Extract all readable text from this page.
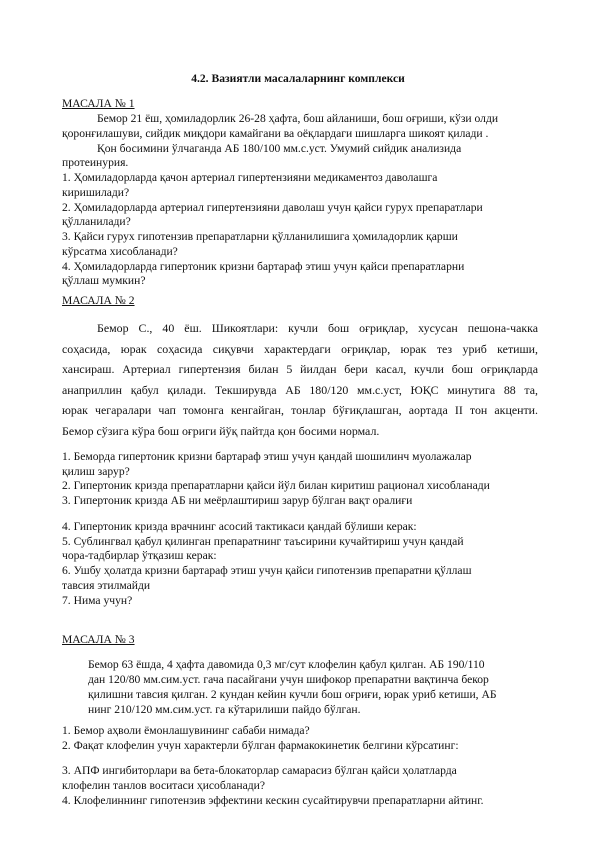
4.2. Вазиятли масалаларнинг комплекси
МАСАЛА № 1
Бемор 21 ёш, ҳомиладорлик 26-28 ҳафта, бош айланиши, бош оғриши, кўзи олди
қоронғилашуви, сийдик миқдори камайгани ва оёқлардаги шишларга шикоят қилади .
Қон босимини ўлчаганда АБ 180/100 мм.с.уст. Умумий сийдик анализида
протеинурия.
1. Ҳомиладорларда қачон артериал гипертензияни медикаментоз даволашга
киришилади?
2. Ҳомиладорларда артериал гипертензияни даволаш учун қайси гурух препаратлари
қўлланилади?
3. Қайси гурух гипотензив препаратларни қўлланилишига ҳомиладорлик қарши
кўрсатма хисобланади?
4. Ҳомиладорларда гипертоник кризни бартараф этиш учун қайси препаратларни
қўллаш мумкин?
МАСАЛА № 2
Бемор С., 40 ёш. Шикоятлари: кучли бош оғриқлар, хусусан пешона-чакка
соҳасида, юрак соҳасида сиқувчи характердаги оғриқлар, юрак тез уриб кетиши,
хансираш. Артериал гипертензия билан 5 йилдан бери касал, кучли бош оғриқларда
анаприллин қабул қилади. Текширувда АБ 180/120 мм.с.уст, ЮҚС минутига 88 та,
юрак чегаралари чап томонга кенгайган, тонлар бўғиқлашган, аортада II тон акценти.
Бемор сўзига кўра бош оғриги йўқ пайтда қон босими нормал.
1. Беморда гипертоник кризни бартараф этиш учун қандай шошилинч муолажалар
қилиш зарур?
2. Гипертоник кризда препаратларни қайси йўл билан киритиш рационал хисобланади
3. Гипертоник кризда АБ ни меёрлаштириш зарур бўлган вақт оралиғи
4. Гипертоник кризда врачнинг асосий тактикаси қандай бўлиши керак:
5. Сублингвал қабул қилинган препаратнинг таъсирини кучайтириш учун қандай
чора-тадбирлар ўтқазиш керак:
6. Ушбу ҳолатда кризни бартараф этиш учун қайси гипотензив препаратни қўллаш
тавсия этилмайди
7. Нима учун?
МАСАЛА № 3
Бемор 63 ёшда, 4 ҳафта давомида 0,3 мг/сут клофелин қабул қилган. АБ 190/110
дан 120/80 мм.сим.уст. гача пасайгани учун шифокор препаратни вақтинча бекор
қилишни тавсия қилган. 2 кундан кейин кучли бош оғриғи, юрак уриб кетиши, АБ
нинг 210/120 мм.сим.уст. га кўтарилиши пайдо бўлган.
1. Бемор аҳволи ёмонлашувининг сабаби нимада?
2. Фақат клофелин учун характерли бўлган фармакокинетик белгини кўрсатинг:
3. АПФ ингибиторлари ва бета-блокаторлар самарасиз бўлган қайси ҳолатларда
клофелин танлов воситаси ҳисобланади?
4. Клофелиннинг гипотензив эффектини кескин сусайтирувчи препаратларни айтинг.
